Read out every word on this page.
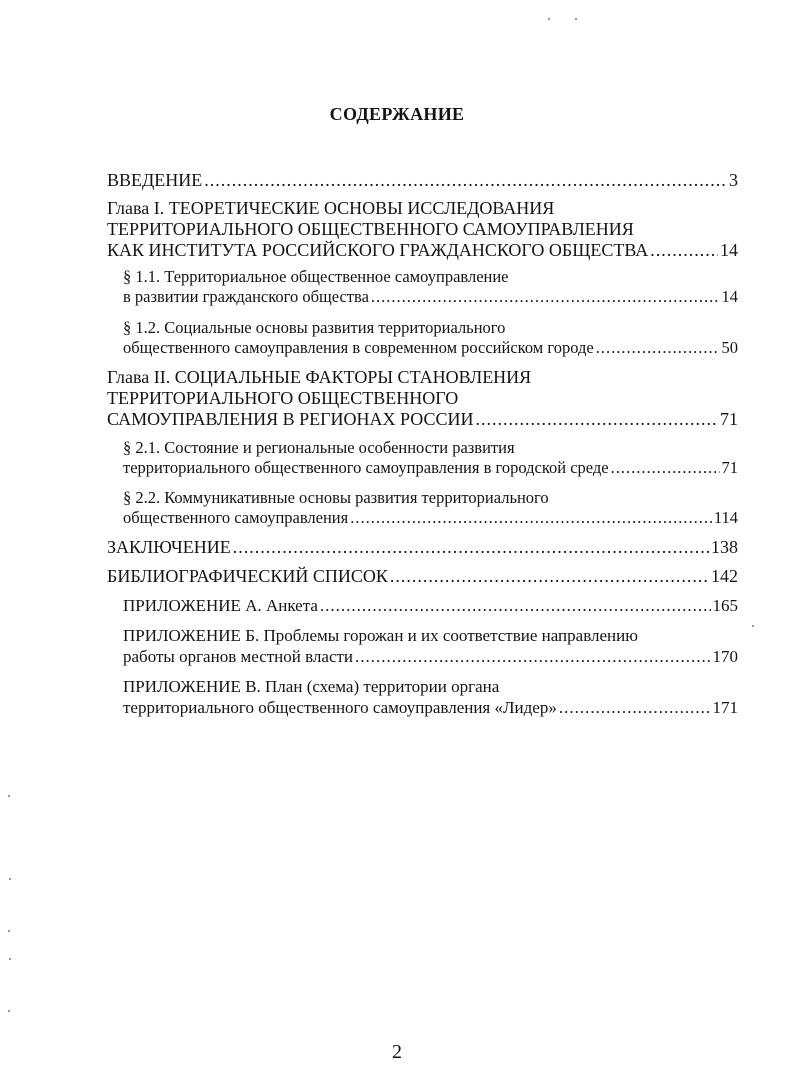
СОДЕРЖАНИЕ
ВВЕДЕНИЕ .....	3
Глава I. ТЕОРЕТИЧЕСКИЕ ОСНОВЫ ИССЛЕДОВАНИЯ
ТЕРРИТОРИАЛЬНОГО ОБЩЕСТВЕННОГО САМОУПРАВЛЕНИЯ
КАК ИНСТИТУТА РОССИЙСКОГО ГРАЖДАНСКОГО ОБЩЕСТВА .....	14
§ 1.1. Территориальное общественное самоуправление
в развитии гражданского общества .....	14
§ 1.2. Социальные основы развития территориального
общественного самоуправления в современном российском городе .....	50
Глава II. СОЦИАЛЬНЫЕ ФАКТОРЫ СТАНОВЛЕНИЯ
ТЕРРИТОРИАЛЬНОГО ОБЩЕСТВЕННОГО
САМОУПРАВЛЕНИЯ В РЕГИОНАХ РОССИИ .....	71
§ 2.1. Состояние и региональные особенности развития
территориального общественного самоуправления в городской среде .....	71
§ 2.2. Коммуникативные основы развития территориального
общественного самоуправления .....	114
ЗАКЛЮЧЕНИЕ .....	138
БИБЛИОГРАФИЧЕСКИЙ СПИСОК .....	142
ПРИЛОЖЕНИЕ А. Анкета .....	165
ПРИЛОЖЕНИЕ Б. Проблемы горожан и их соответствие направлению
работы органов местной власти .....	170
ПРИЛОЖЕНИЕ В. План (схема) территории органа
территориального общественного самоуправления «Лидер» .....	171
2
